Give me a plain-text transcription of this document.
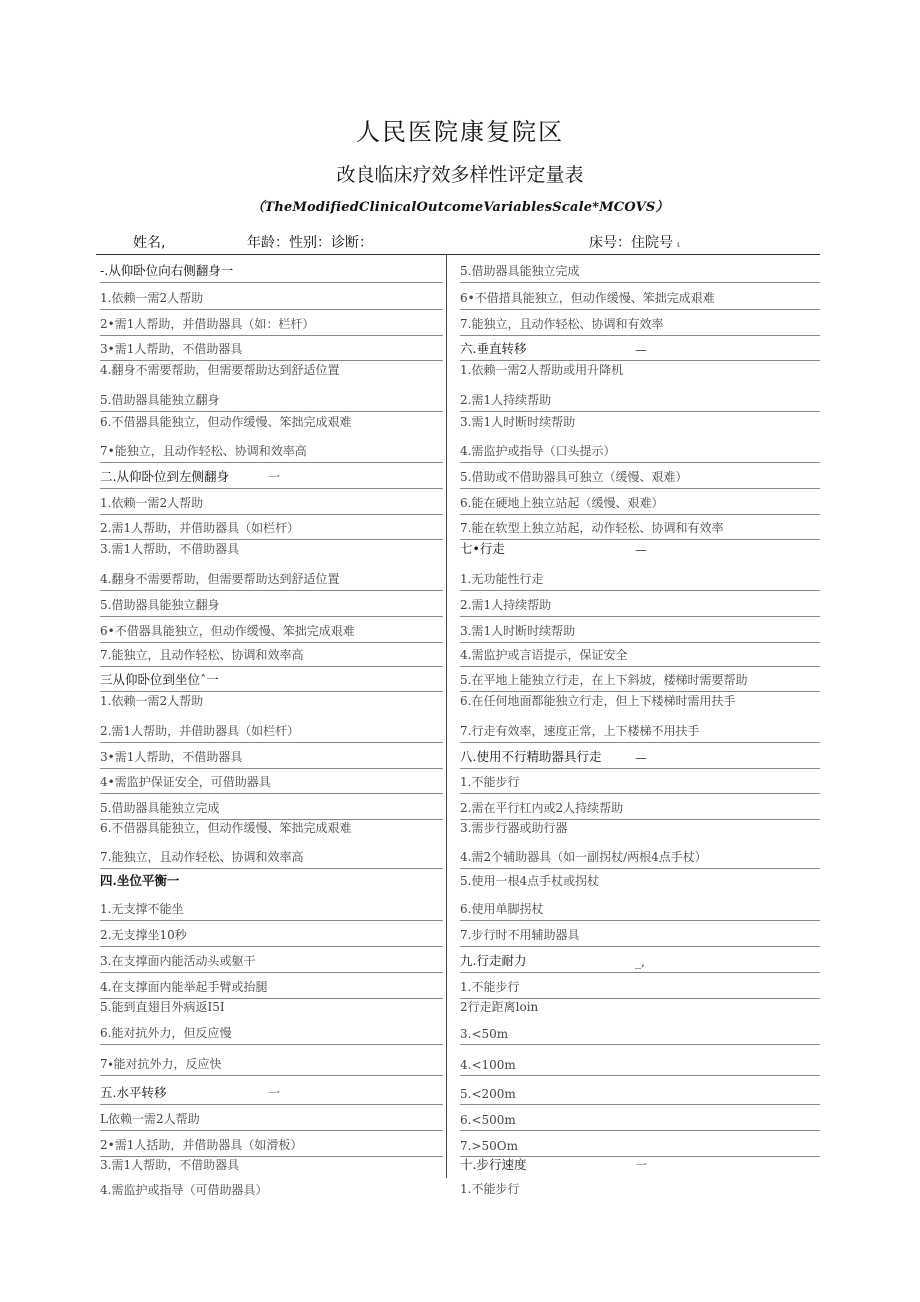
人民医院康复院区
改良临床疗效多样性评定量表
（TheModifiedClinicalOutcomeVariablesScale*MCOVS）
姓名,	年龄：性别：诊断：	床号：住院号 ι
-.从仰卧位向右侧翻身一
1.依赖一需2人帮助
2•需1人帮助，并借助器具（如：栏杆）
3•需1人帮助，不借助器具
4.翻身不需要帮助，但需要帮助达到舒适位置
5.借助器具能独立翻身
6.不借器具能独立，但动作缓慢、笨拙完成艰难
7•能独立，且动作轻松、协调和效率高
二.从仰卧位到左侧翻身	一
1.依赖一需2人帮助
2.需1人帮助，并借助器具（如栏杆）
3.需1人帮助，不借助器具
4.翻身不需要帮助，但需要帮助达到舒适位置
5.借助器具能独立翻身
6•不借器具能独立，但动作缓慢、笨拙完成艰难
7.能独立，且动作轻松、协调和效率高
三从仰卧位到坐位ˆ一
1.依赖一需2人帮助
2.需1人帮助，并借助器具（如栏杆）
3•需1人帮助，不借助器具
4•需监护保证安全，可借助器具
5.借助器具能独立完成
6.不借器具能独立，但动作缓慢、笨拙完成艰难
7.能独立，且动作轻松、协调和效率高
四.坐位平衡一
1.无支撑不能坐
2.无支撑坐10秒
3.在支撑面内能活动头或躯干
4.在支撑面内能举起手臂或抬腿
5.能到直翅目外病返I5I
6.能对抗外力，但反应慢
7∙能对抗外力，反应快
五.水平转移	一
L依赖一需2人帮助
2•需1人括助，并借助器具（如滑板）
3.需1人帮助，不借助器具
4.需监护或指导（可借助器具）
5.借助器具能独立完成
6•不借措具能独立，但动作缓慢、笨拙完成艰难
7.能独立，且动作轻松、协调和有效率
六.垂直转移	—
1.依赖一需2人帮助或用升降机
2.需1人持续帮助
3.需1人时断时续帮助
4.需监护或指导（口头提示）
5.借助或不借助器具可独立（缓慢、艰难）
6.能在硬地上独立站起（缓慢、艰难）
7.能在软型上独立站起，动作轻松、协调和有效率
七•行走	—
1.无功能性行走
2.需1人持续帮助
3.需1人时断时续帮助
4.需监护或言语提示，保证安全
5.在平地上能独立行走，在上下斜坡，楼梯时需要帮助
6.在任何地面都能独立行走，但上下楼梯时需用扶手
7.行走有效率，速度正常，上下楼梯不用扶手
八.使用不行精助器具行走	—
1.不能步行
2.需在平行杠内或2人持续帮助
3.需步行器或助行器
4.需2个辅助器具（如一副拐杖/两根4点手杖）
5.使用一根4点手杖或拐杖
6.使用单脚拐杖
7.步行时不用辅助器具
九.行走耐力	_,
1.不能步行
2行走距离loin
3.<50m
4.<100m
5.<200m
6.<500m
7.>50Om
十.步行速度	一
1.不能步行
